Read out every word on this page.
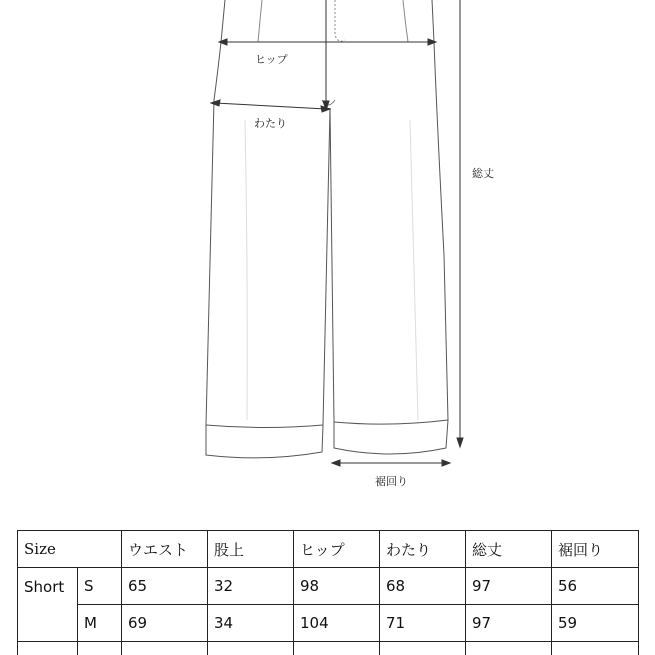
ヒップ
わたり
総丈
裾回り
Size		ウエスト	股上	ヒップ	わたり	総丈	裾回り
Short	S	65	32	98	68	97	56
	M	69	34	104	71	97	59
